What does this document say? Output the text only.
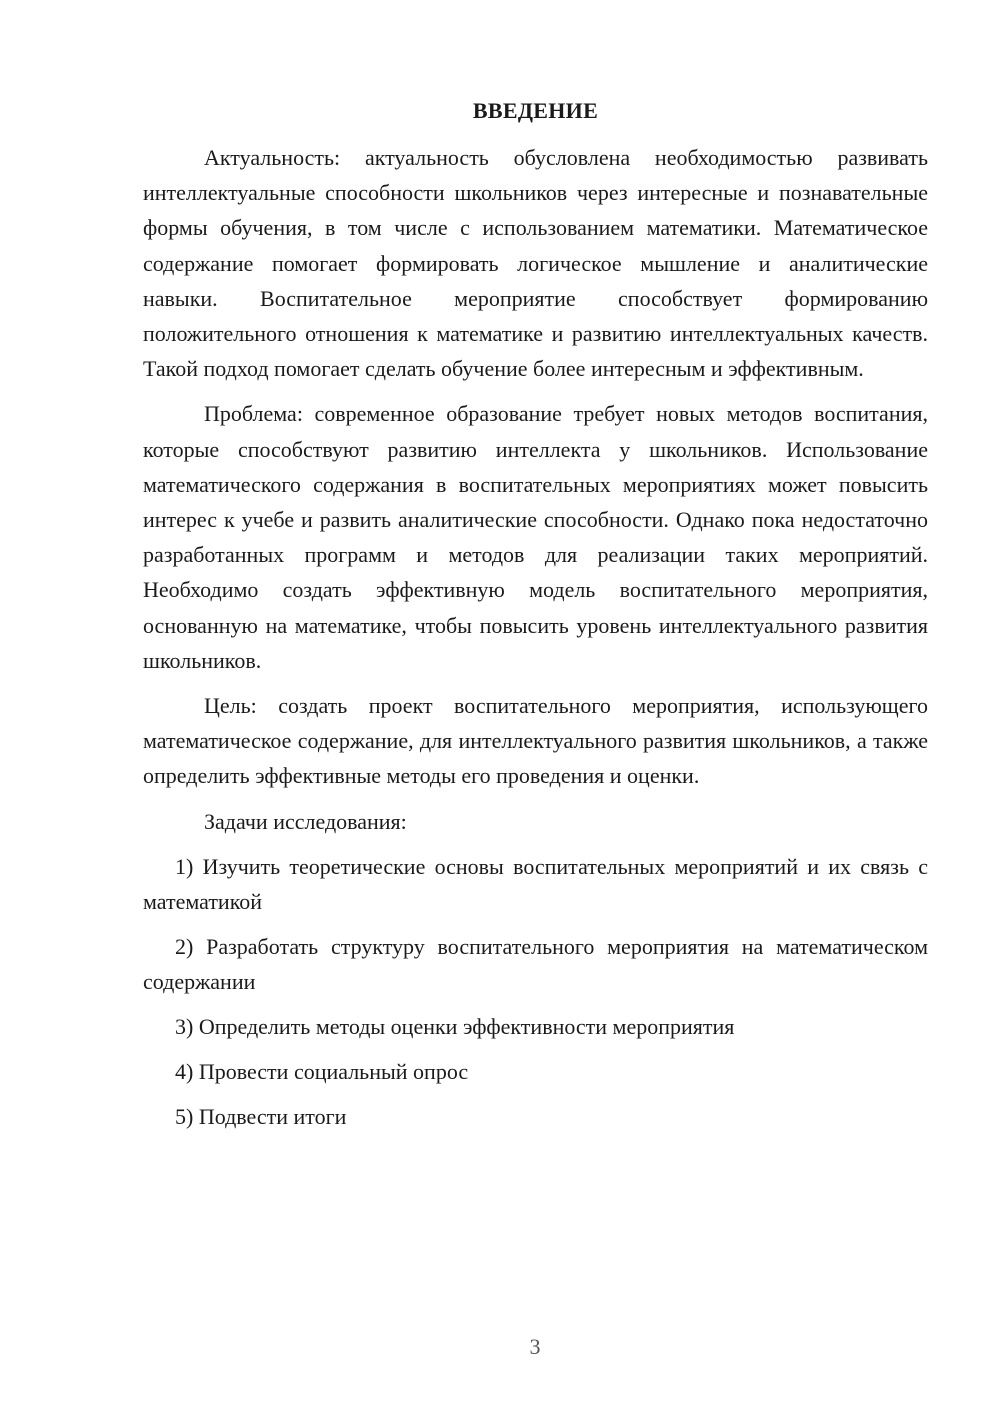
ВВЕДЕНИЕ

Актуальность: актуальность обусловлена необходимостью развивать интеллектуальные способности школьников через интересные и познавательные формы обучения, в том числе с использованием математики. Математическое содержание помогает формировать логическое мышление и аналитические навыки. Воспитательное мероприятие способствует формированию положительного отношения к математике и развитию интеллектуальных качеств. Такой подход помогает сделать обучение более интересным и эффективным.

Проблема: современное образование требует новых методов воспитания, которые способствуют развитию интеллекта у школьников. Использование математического содержания в воспитательных мероприятиях может повысить интерес к учебе и развить аналитические способности. Однако пока недостаточно разработанных программ и методов для реализации таких мероприятий. Необходимо создать эффективную модель воспитательного мероприятия, основанную на математике, чтобы повысить уровень интеллектуального развития школьников.

Цель: создать проект воспитательного мероприятия, использующего математическое содержание, для интеллектуального развития школьников, а также определить эффективные методы его проведения и оценки.

Задачи исследования:

1) Изучить теоретические основы воспитательных мероприятий и их связь с математикой
2) Разработать структуру воспитательного мероприятия на математическом содержании
3) Определить методы оценки эффективности мероприятия
4) Провести социальный опрос
5) Подвести итоги
3
